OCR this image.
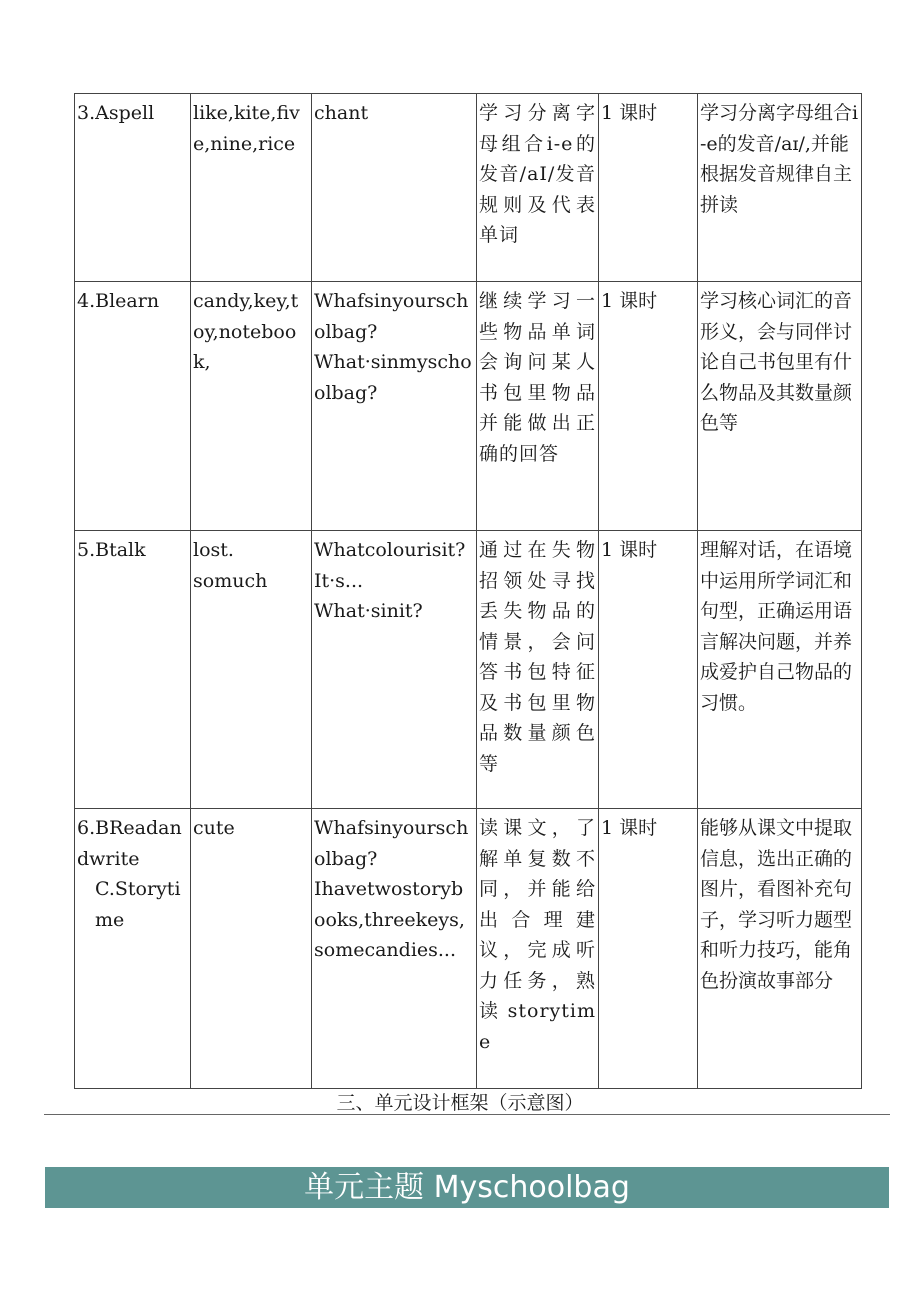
3.Aspell	like,kite,five,nine,rice	chant	学习分离字母组合i-e的发音/aI/发音规则及代表单词	1 课时	学习分离字母组合i-e的发音/aɪ/,并能根据发音规律自主拼读
4.Blearn	candy,key,toy,notebook,	Whafsinyourscholbag?
What·sinmyschoolbag?	继续学习一些物品单词会询问某人书包里物品并能做出正确的回答	1 课时	学习核心词汇的音形义，会与同伴讨论自己书包里有什么物品及其数量颜色等
5.Btalk	lost.
somuch	Whatcolourisit?
It·s...
What·sinit?	通过在失物招领处寻找丢失物品的情景，会问答书包特征及书包里物品数量颜色等	1 课时	理解对话，在语境中运用所学词汇和句型，正确运用语言解决问题，并养成爱护自己物品的习惯。

6.BReadandwrite
C.Storytime	cute	Whafsinyourscholbag?
Ihavetwostorybooks,threekeys,somecandies...	读课文，了解单复数不同，并能给出合理建议，完成听力任务，熟读storytime	1 课时	能够从课文中提取信息，选出正确的图片，看图补充句子，学习听力题型和听力技巧，能角色扮演故事部分
三、单元设计框架（示意图）
单元主题 Myschoolbag
